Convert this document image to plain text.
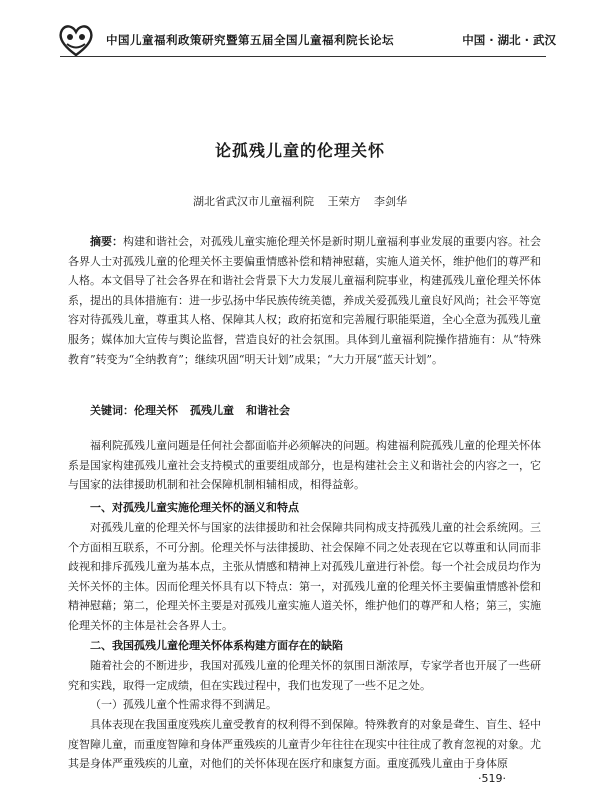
中国儿童福利政策研究暨第五届全国儿童福利院长论坛	中国 · 湖北 · 武汉
论孤残儿童的伦理关怀
湖北省武汉市儿童福利院 王荣方 李剑华

摘要：构建和谐社会，对孤残儿童实施伦理关怀是新时期儿童福利事业发展的重要内容。社会各界人士对孤残儿童的伦理关怀主要偏重情感补偿和精神慰藉，实施人道关怀，维护他们的尊严和人格。本文倡导了社会各界在和谐社会背景下大力发展儿童福利院事业，构建孤残儿童伦理关怀体系，提出的具体措施有：进一步弘扬中华民族传统美德，养成关爱孤残儿童良好风尚；社会平等宽容对待孤残儿童，尊重其人格、保障其人权；政府拓宽和完善履行职能渠道，全心全意为孤残儿童服务；媒体加大宣传与舆论监督，营造良好的社会氛围。具体到儿童福利院操作措施有：从“特殊教育”转变为“全纳教育”；继续巩固“明天计划”成果；“大力开展“蓝天计划”。

关键词：伦理关怀 孤残儿童 和谐社会

福利院孤残儿童问题是任何社会都面临并必须解决的问题。构建福利院孤残儿童的伦理关怀体系是国家构建孤残儿童社会支持模式的重要组成部分，也是构建社会主义和谐社会的内容之一，它与国家的法律援助机制和社会保障机制相辅相成，相得益彰。

一、对孤残儿童实施伦理关怀的涵义和特点

对孤残儿童的伦理关怀与国家的法律援助和社会保障共同构成支持孤残儿童的社会系统网。三个方面相互联系，不可分割。伦理关怀与法律援助、社会保障不同之处表现在它以尊重和认同而非歧视和排斥孤残儿童为基本点，主张从情感和精神上对孤残儿童进行补偿。每一个社会成员均作为关怀关怀的主体。因而伦理关怀具有以下特点：第一，对孤残儿童的伦理关怀主要偏重情感补偿和精神慰藉；第二，伦理关怀主要是对孤残儿童实施人道关怀，维护他们的尊严和人格；第三，实施伦理关怀的主体是社会各界人士。

二、我国孤残儿童伦理关怀体系构建方面存在的缺陷

随着社会的不断进步，我国对孤残儿童的伦理关怀的氛围日渐浓厚，专家学者也开展了一些研究和实践，取得一定成绩，但在实践过程中，我们也发现了一些不足之处。

（一）孤残儿童个性需求得不到满足。

具体表现在我国重度残疾儿童受教育的权利得不到保障。特殊教育的对象是聋生、盲生、轻中度智障儿童，而重度智障和身体严重残疾的儿童青少年往往在现实中往往成了教育忽视的对象。尤其是身体严重残疾的儿童，对他们的关怀体现在医疗和康复方面。重度孤残儿童由于身体原

·519·
